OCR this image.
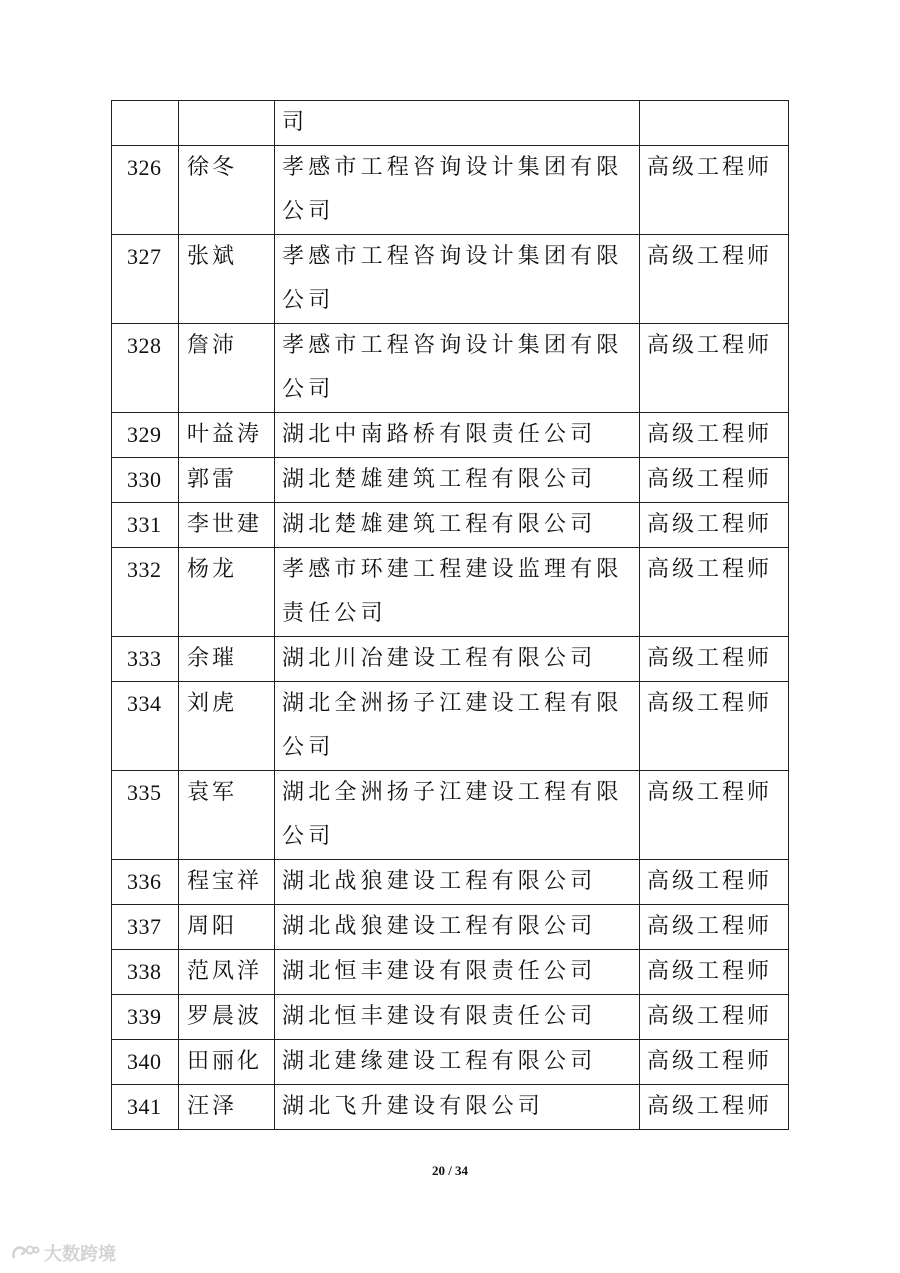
		司	
326	徐冬	孝感市工程咨询设计集团有限公司	高级工程师
327	张斌	孝感市工程咨询设计集团有限公司	高级工程师
328	詹沛	孝感市工程咨询设计集团有限公司	高级工程师
329	叶益涛	湖北中南路桥有限责任公司	高级工程师
330	郭雷	湖北楚雄建筑工程有限公司	高级工程师
331	李世建	湖北楚雄建筑工程有限公司	高级工程师
332	杨龙	孝感市环建工程建设监理有限责任公司	高级工程师
333	余璀	湖北川冶建设工程有限公司	高级工程师
334	刘虎	湖北全洲扬子江建设工程有限公司	高级工程师
335	袁军	湖北全洲扬子江建设工程有限公司	高级工程师
336	程宝祥	湖北战狼建设工程有限公司	高级工程师
337	周阳	湖北战狼建设工程有限公司	高级工程师
338	范凤洋	湖北恒丰建设有限责任公司	高级工程师
339	罗晨波	湖北恒丰建设有限责任公司	高级工程师
340	田丽化	湖北建缘建设工程有限公司	高级工程师
341	汪泽	湖北飞升建设有限公司	高级工程师
20 / 34
大数跨境
